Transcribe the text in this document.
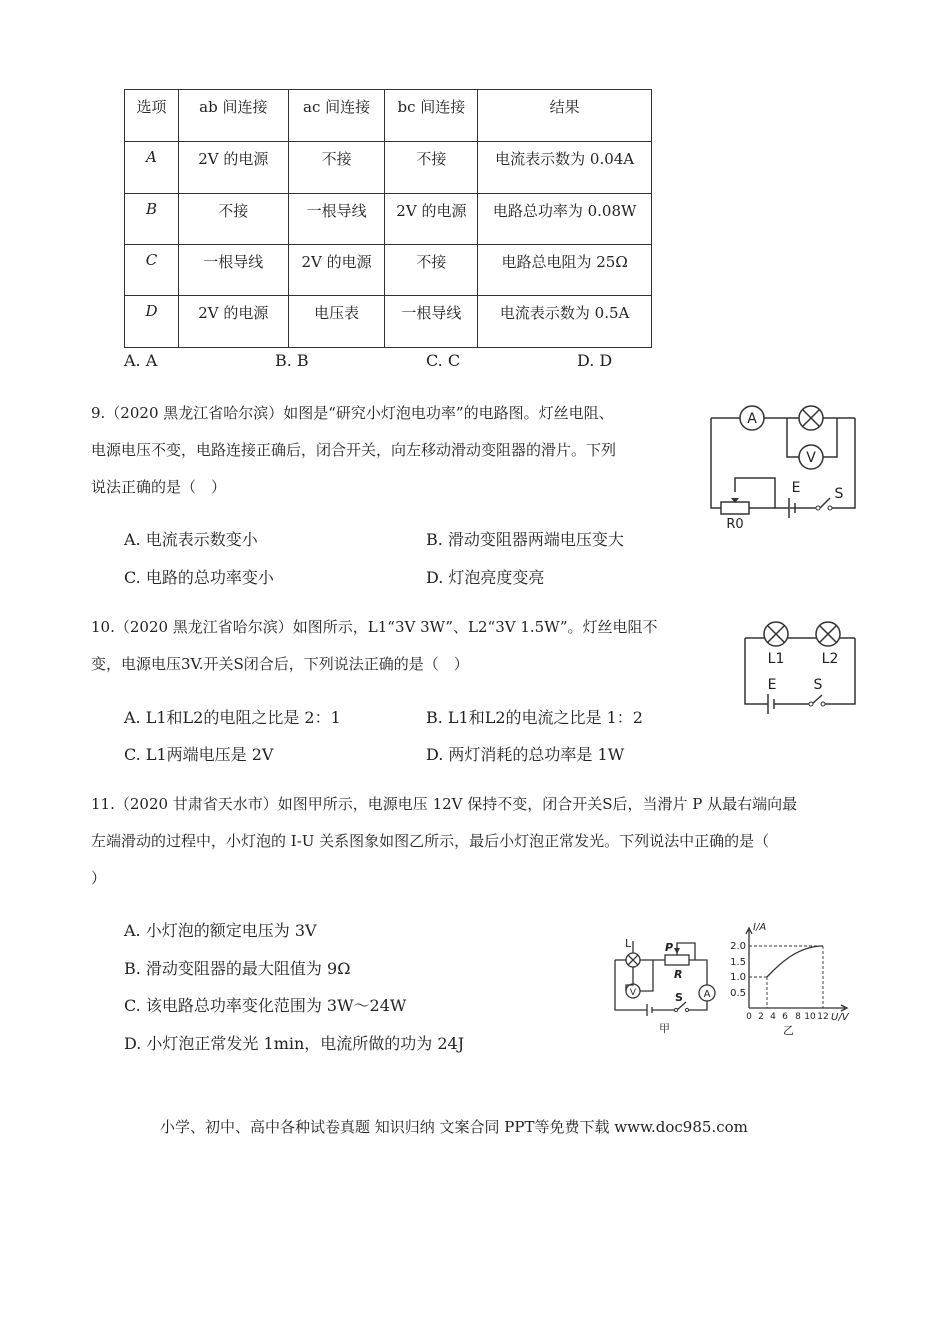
选项	ab 间连接	ac 间连接	bc 间连接	结果
A	2V 的电源	不接	不接	电流表示数为 0.04A
B	不接	一根导线	2V 的电源	电路总功率为 0.08W
C	一根导线	2V 的电源	不接	电路总电阻为 25Ω
D	2V 的电源	电压表	一根导线	电流表示数为 0.5A
A. A	B. B	C. C	D. D
9.（2020 黑龙江省哈尔滨）如图是“研究小灯泡电功率”的电路图。灯丝电阻、
电源电压不变，电路连接正确后，闭合开关，向左移动滑动变阻器的滑片。下列
说法正确的是（　）
A
V
R0
E S
A. 电流表示数变小	B. 滑动变阻器两端电压变大
C. 电路的总功率变小	D. 灯泡亮度变亮
10.（2020 黑龙江省哈尔滨）如图所示，L1“3V 3W”、L2“3V 1.5W”。灯丝电阻不
变，电源电压3V.开关S闭合后，下列说法正确的是（　）	L1	L2
E	S
A. L1和L2的电阻之比是 2：1	B. L1和L2的电流之比是 1：2
C. L1两端电压是 2V	D. 两灯消耗的总功率是 1W
11.（2020 甘肃省天水市）如图甲所示，电源电压 12V 保持不变，闭合开关S后，当滑片 P 从最右端向最
左端滑动的过程中，小灯泡的 I-U 关系图象如图乙所示，最后小灯泡正常发光。下列说法中正确的是（
）
A. 小灯泡的额定电压为 3V
B. 滑动变阻器的最大阻值为 9Ω
C. 该电路总功率变化范围为 3W～24W
D. 小灯泡正常发光 1min，电流所做的功为 24J
L	P
R
V	A
S
甲
I/A
U/V
2.0
1.5
1.0
0.5
0 2 4 6 8 10 12
乙
小学、初中、高中各种试卷真题 知识归纳 文案合同 PPT等免费下载 www.doc985.com
